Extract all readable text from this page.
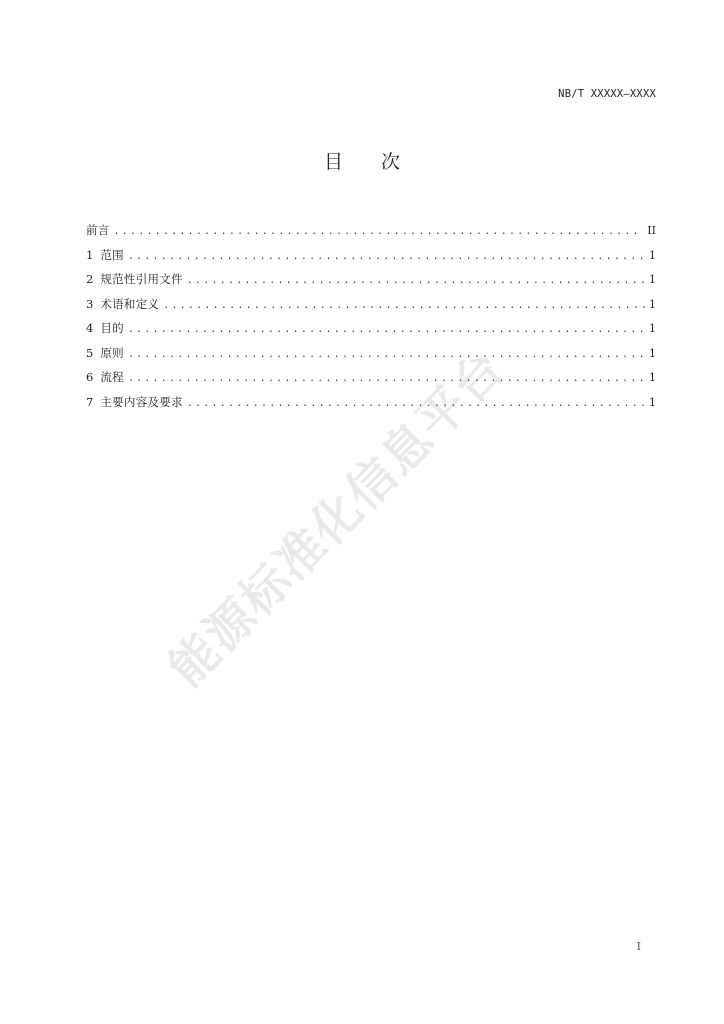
NB/T XXXXX—XXXX
目 次
前言 . . .	II
1 范围 . . .	1
2 规范性引用文件 . . .	1
3 术语和定义 . . .	1
4 目的 . . .	1
5 原则 . . .	1
6 流程 . . .	1
7 主要内容及要求 . . .	1
能源标准化信息平台
I
